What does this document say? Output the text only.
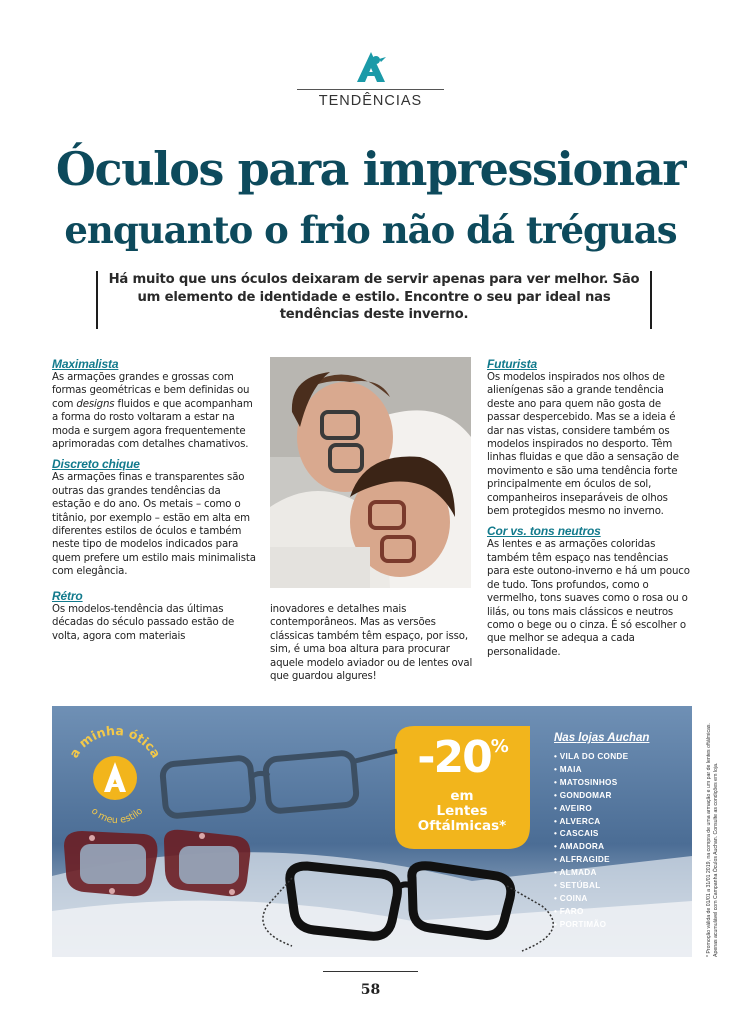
TENDÊNCIAS
Óculos para impressionar
enquanto o frio não dá tréguas

Há muito que uns óculos deixaram de servir apenas para ver melhor. São um elemento de identidade e estilo. Encontre o seu par ideal nas tendências deste inverno.

Maximalista

As armações grandes e grossas com formas geométricas e bem definidas ou com designs fluidos e que acompanham a forma do rosto voltaram a estar na moda e surgem agora frequentemente aprimoradas com detalhes chamativos.

Discreto chique

As armações finas e transparentes são outras das grandes tendências da estação e do ano. Os metais – como o titânio, por exemplo – estão em alta em diferentes estilos de óculos e também neste tipo de modelos indicados para quem prefere um estilo mais minimalista com elegância.

Rétro

Os modelos-tendência das últimas décadas do século passado estão de volta, agora com materiais

inovadores e detalhes mais contemporâneos. Mas as versões clássicas também têm espaço, por isso, sim, é uma boa altura para procurar aquele modelo aviador ou de lentes oval que guardou algures!

Futurista

Os modelos inspirados nos olhos de alienígenas são a grande tendência deste ano para quem não gosta de passar despercebido. Mas se a ideia é dar nas vistas, considere também os modelos inspirados no desporto. Têm linhas fluidas e que dão a sensação de movimento e são uma tendência forte principalmente em óculos de sol, companheiros inseparáveis de olhos bem protegidos mesmo no inverno.

Cor vs. tons neutros

As lentes e as armações coloridas também têm espaço nas tendências para este outono-inverno e há um pouco de tudo. Tons profundos, como o vermelho, tons suaves como o rosa ou o lilás, ou tons mais clássicos e neutros como o bege ou o cinza. É só escolher o que melhor se adequa a cada personalidade.

a minha ótica
o meu estilo
-20%
em
Lentes
Oftálmicas*
Nas lojas Auchan
• VILA DO CONDE
• MAIA
• MATOSINHOS
• GONDOMAR
• AVEIRO
• ALVERCA
• CASCAIS
• AMADORA
• ALFRAGIDE
• ALMADA
• SETÚBAL
• COINA
• FARO
• PORTIMÃO	* Promoção válida de 01/01 a 31/01 2019, na compra de uma armação e um par de lentes oftálmicas. Apenas acumulável com Campanha Óculos Auchan. Consulte as condições em loja.
58
